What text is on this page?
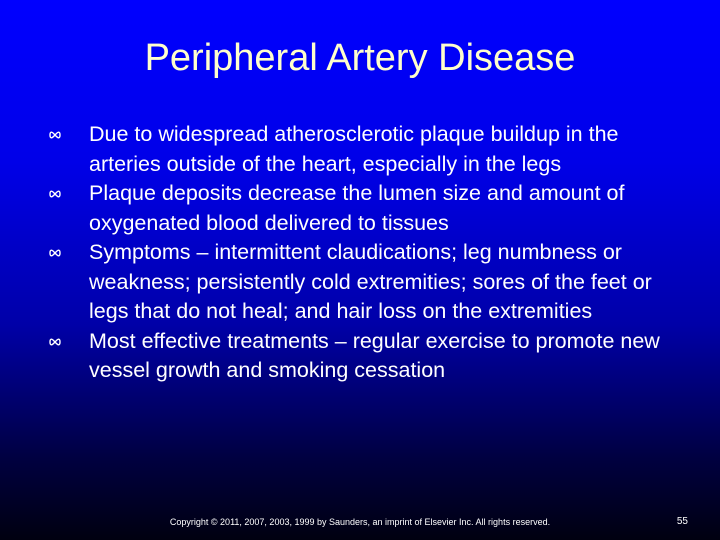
Peripheral Artery Disease
Due to widespread atherosclerotic plaque buildup in the arteries outside of the heart, especially in the legs
Plaque deposits decrease the lumen size and amount of oxygenated blood delivered to tissues
Symptoms – intermittent claudications; leg numbness or weakness; persistently cold extremities; sores of the feet or legs that do not heal; and hair loss on the extremities
Most effective treatments – regular exercise to promote new vessel growth and smoking cessation
Copyright © 2011, 2007, 2003, 1999 by Saunders, an imprint of Elsevier Inc. All rights reserved.	55
